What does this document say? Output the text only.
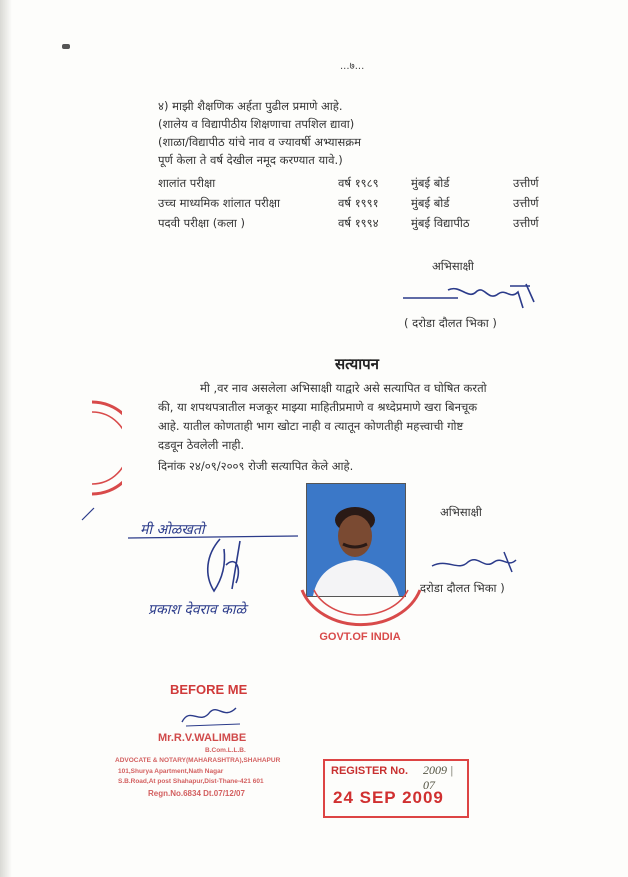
...७...
४) माझी शैक्षणिक अर्हता पुढील प्रमाणे आहे.
(शालेय व विद्यापीठीय शिक्षणाचा तपशिल द्यावा)
(शाळा/विद्यापीठ यांचे नाव व ज्यावर्षी अभ्यासक्रम
पूर्ण केला ते वर्ष देखील नमूद करण्यात यावे.)
शालांत परीक्षा	वर्ष १९८९	मुंबई बोर्ड	उत्तीर्ण
उच्च माध्यमिक शांलात परीक्षा	वर्ष १९९१	मुंबई बोर्ड	उत्तीर्ण
पदवी परीक्षा (कला )	वर्ष १९९४	मुंबई विद्यापीठ	उत्तीर्ण
अभिसाक्षी
( दरोडा दौलत भिका )
सत्यापन
मी ,वर नाव असलेला अभिसाक्षी याद्वारे असे सत्यापित व घोषित करतो
की, या शपथपत्रातील मजकूर माझ्या माहितीप्रमाणे व श्रध्देप्रमाणे खरा बिनचूक
आहे. यातील कोणताही भाग खोटा नाही व त्यातून कोणतीही महत्त्वाची गोष्ट
दडवून ठेवलेली नाही.
दिनांक २४/०९/२००९ रोजी सत्यापित केले आहे.
GOVT.OF INDIA
अभिसाक्षी
दरोडा दौलत भिका )
मी ओळखतो
प्रकाश देवराव काळे
BEFORE ME
Mr.R.V.WALIMBE
B.Com.L.L.B.
ADVOCATE & NOTARY(MAHARASHTRA),SHAHAPUR
101,Shurya Apartment,Nath Nagar
S.B.Road,At post Shahapur,Dist-Thane-421 601
Regn.No.6834 Dt.07/12/07
REGISTER No. 2009 | 07
24 SEP 2009
